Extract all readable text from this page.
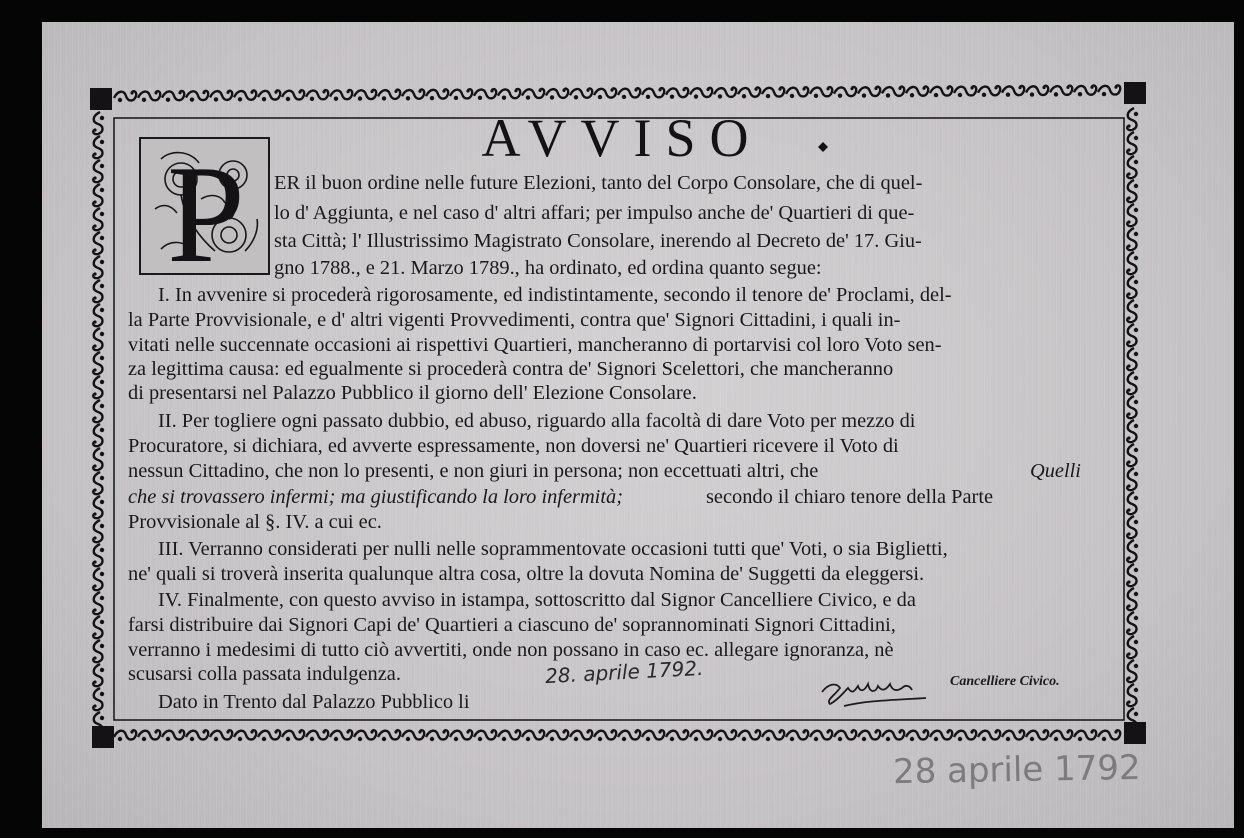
AVVISO
P ER il buon ordine nelle future Elezioni, tanto del Corpo Consolare, che di quel-

lo d' Aggiunta, e nel caso d' altri affari; per impulso anche de' Quartieri di que-

sta Città; l' Illustrissimo Magistrato Consolare, inerendo al Decreto de' 17. Giu-

gno 1788., e 21. Marzo 1789., ha ordinato, ed ordina quanto segue:

I. In avvenire si procederà rigorosamente, ed indistintamente, secondo il tenore de' Proclami, del-

la Parte Provvisionale, e d' altri vigenti Provvedimenti, contra que' Signori Cittadini, i quali in-

vitati nelle succennate occasioni ai rispettivi Quartieri, mancheranno di portarvisi col loro Voto sen-

za legittima causa: ed egualmente si procederà contra de' Signori Scelettori, che mancheranno

di presentarsi nel Palazzo Pubblico il giorno dell' Elezione Consolare.

II. Per togliere ogni passato dubbio, ed abuso, riguardo alla facoltà di dare Voto per mezzo di

Procuratore, si dichiara, ed avverte espressamente, non doversi ne' Quartieri ricevere il Voto di

nessun Cittadino, che non lo presenti, e non giuri in persona; non eccettuati altri, che	Quelli

che si trovassero infermi; ma giustificando la loro infermità;	secondo il chiaro tenore della Parte

Provvisionale al §. IV. a cui ec.

III. Verranno considerati per nulli nelle soprammentovate occasioni tutti que' Voti, o sia Biglietti,

ne' quali si troverà inserita qualunque altra cosa, oltre la dovuta Nomina de' Suggetti da eleggersi.

IV. Finalmente, con questo avviso in istampa, sottoscritto dal Signor Cancelliere Civico, e da

farsi distribuire dai Signori Capi de' Quartieri a ciascuno de' soprannominati Signori Cittadini,

verranno i medesimi di tutto ciò avvertiti, onde non possano in caso ec. allegare ignoranza, nè

scusarsi colla passata indulgenza.

Dato in Trento dal Palazzo Pubblico li

28. aprile 1792.	Cancelliere Civico.
28 aprile 1792
